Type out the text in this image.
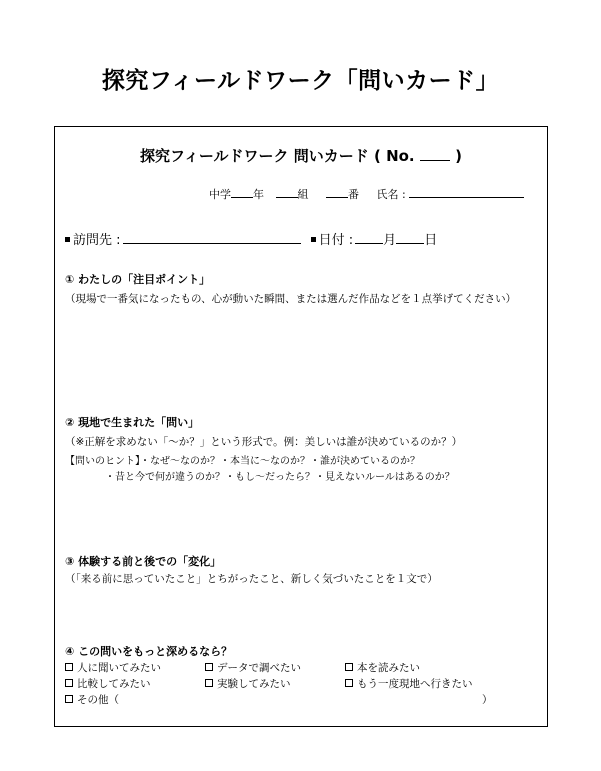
探究フィールドワーク「問いカード」
探究フィールドワーク 問いカード ( No.  )
中学 年	組	番 氏名 :
訪問先 :	日付 : 月 日
① わたしの「注目ポイント」
（現場で一番気になったもの、心が動いた瞬間、または選んだ作品などを１点挙げてください）
② 現地で生まれた「問い」
（※正解を求めない「〜か？」という形式で。例：美しいは誰が決めているのか？）
【問いのヒント】・なぜ〜なのか？・本当に〜なのか？・誰が決めているのか？
・昔と今で何が違うのか？・もし〜だったら？・見えないルールはあるのか？
③ 体験する前と後での「変化」
（「来る前に思っていたこと」とちがったこと、新しく気づいたことを１文で）
④ この問いをもっと深めるなら？
人に聞いてみたい	データで調べたい	本を読みたい
比較してみたい	実験してみたい	もう一度現地へ行きたい
その他（	）
